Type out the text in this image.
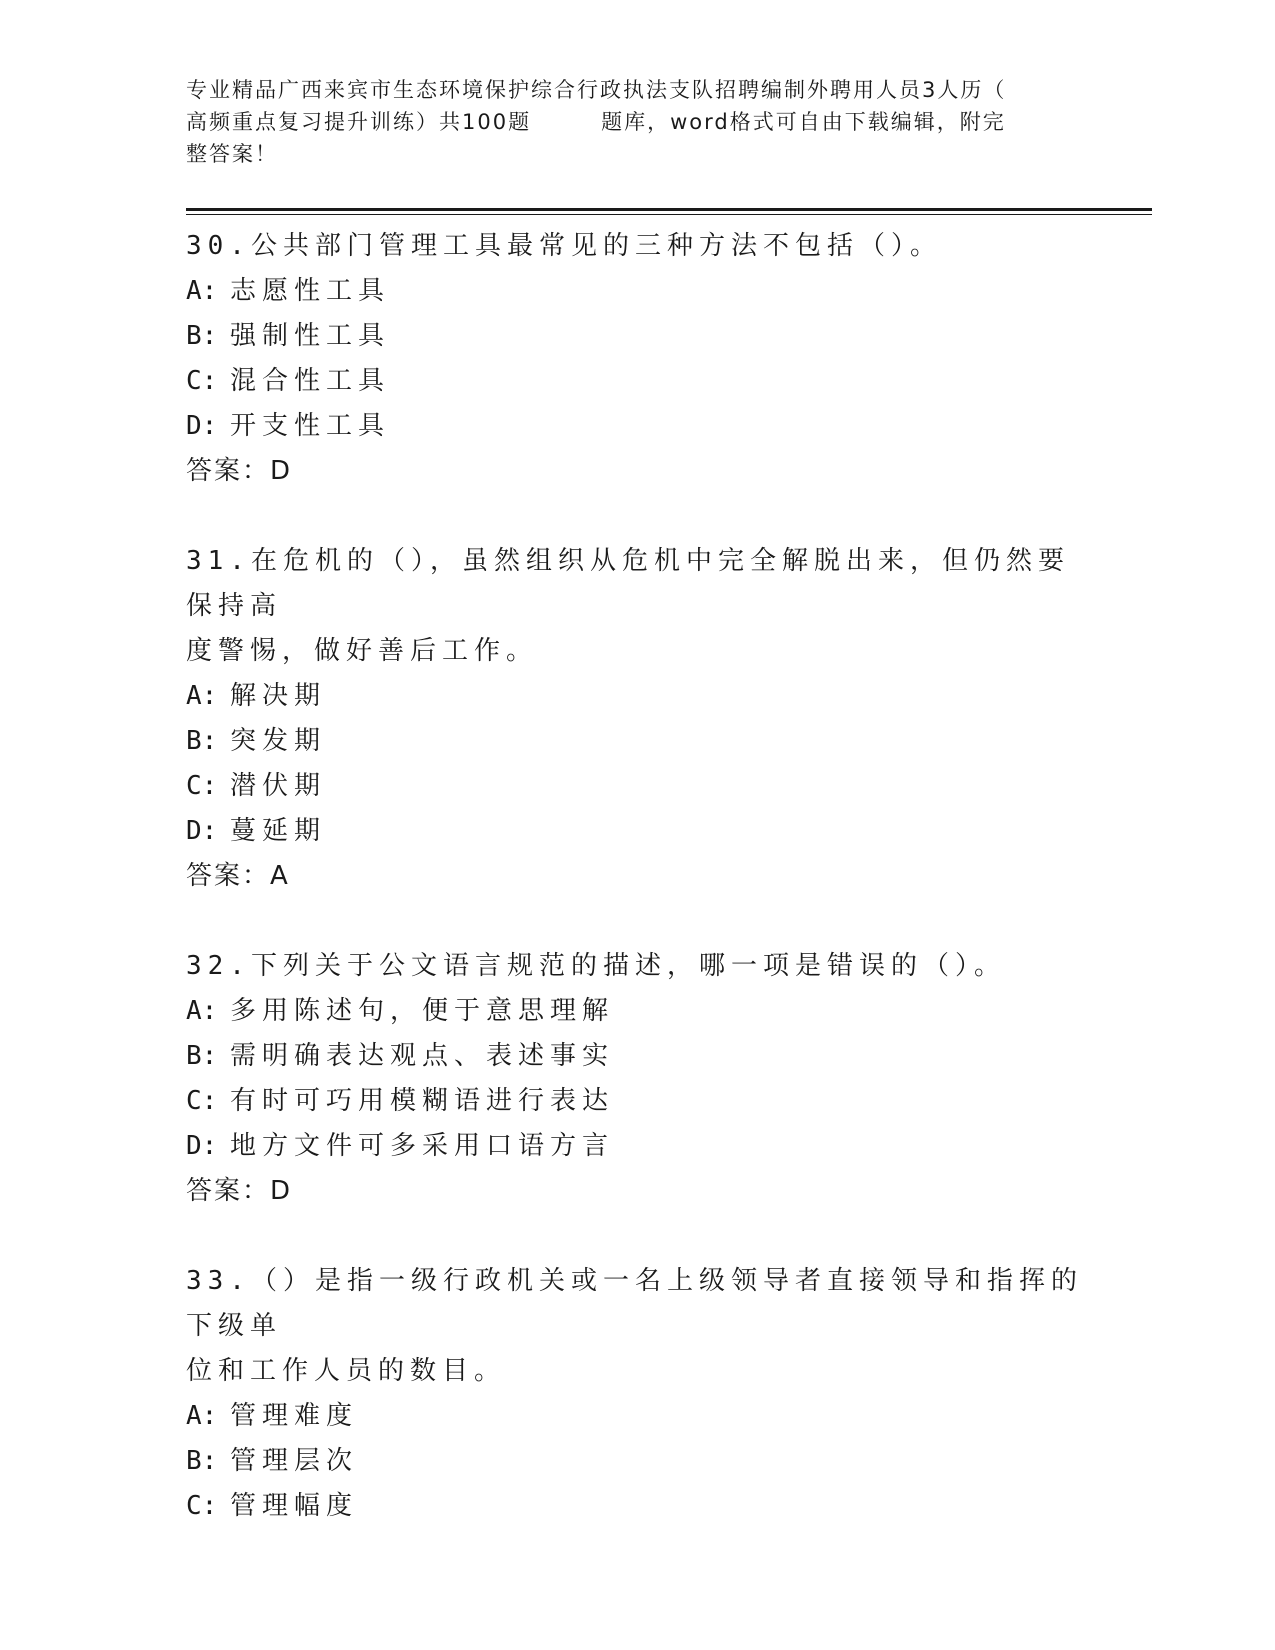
专业精品广西来宾市生态环境保护综合行政执法支队招聘编制外聘用人员3人历（
高频重点复习提升训练）共100题	题库，word格式可自由下载编辑，附完
整答案！
30.公共部门管理工具最常见的三种方法不包括（）。
A: 志愿性工具
B: 强制性工具
C: 混合性工具
D: 开支性工具
答案：D
31.在危机的（），虽然组织从危机中完全解脱出来，但仍然要保持高
度警惕，做好善后工作。
A: 解决期
B: 突发期
C: 潜伏期
D: 蔓延期
答案：A
32.下列关于公文语言规范的描述，哪一项是错误的（）。
A: 多用陈述句，便于意思理解
B: 需明确表达观点、表述事实
C: 有时可巧用模糊语进行表达
D: 地方文件可多采用口语方言
答案：D
33.（）是指一级行政机关或一名上级领导者直接领导和指挥的下级单
位和工作人员的数目。
A: 管理难度
B: 管理层次
C: 管理幅度
